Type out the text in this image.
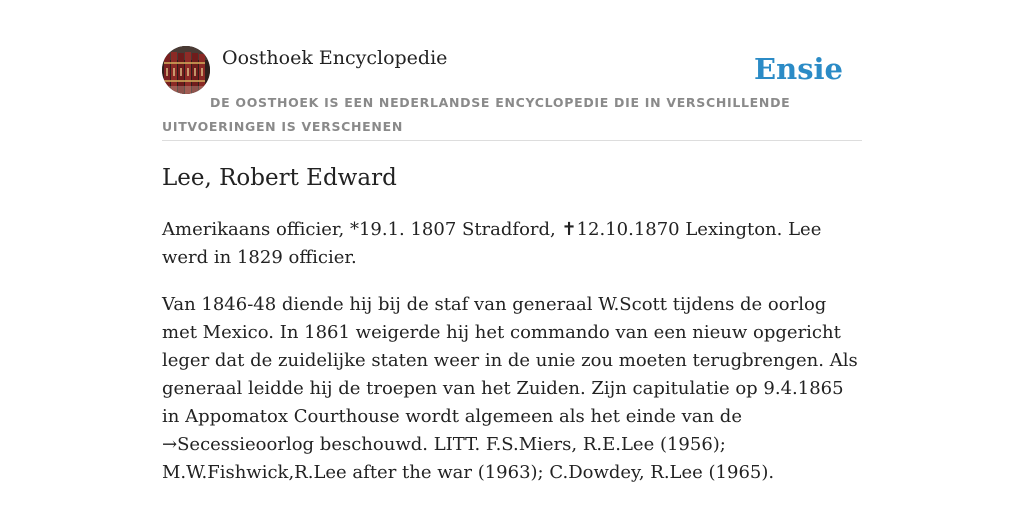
Oosthoek Encyclopedie	Ensie
DE OOSTHOEK IS EEN NEDERLANDSE ENCYCLOPEDIE DIE IN VERSCHILLENDE UITVOERINGEN IS VERSCHENEN
Lee, Robert Edward

Amerikaans officier, *19.1. 1807 Stradford, ✝12.10.1870 Lexington. Lee werd in 1829 officier.

Van 1846-48 diende hij bij de staf van generaal W.Scott tijdens de oorlog met Mexico. In 1861 weigerde hij het commando van een nieuw opgericht leger dat de zuidelijke staten weer in de unie zou moeten terugbrengen. Als generaal leidde hij de troepen van het Zuiden. Zijn capitulatie op 9.4.1865 in Appomatox Courthouse wordt algemeen als het einde van de →Secessieoorlog beschouwd. LITT. F.S.Miers, R.E.Lee (1956); M.W.Fishwick,R.Lee after the war (1963); C.Dowdey, R.Lee (1965).
